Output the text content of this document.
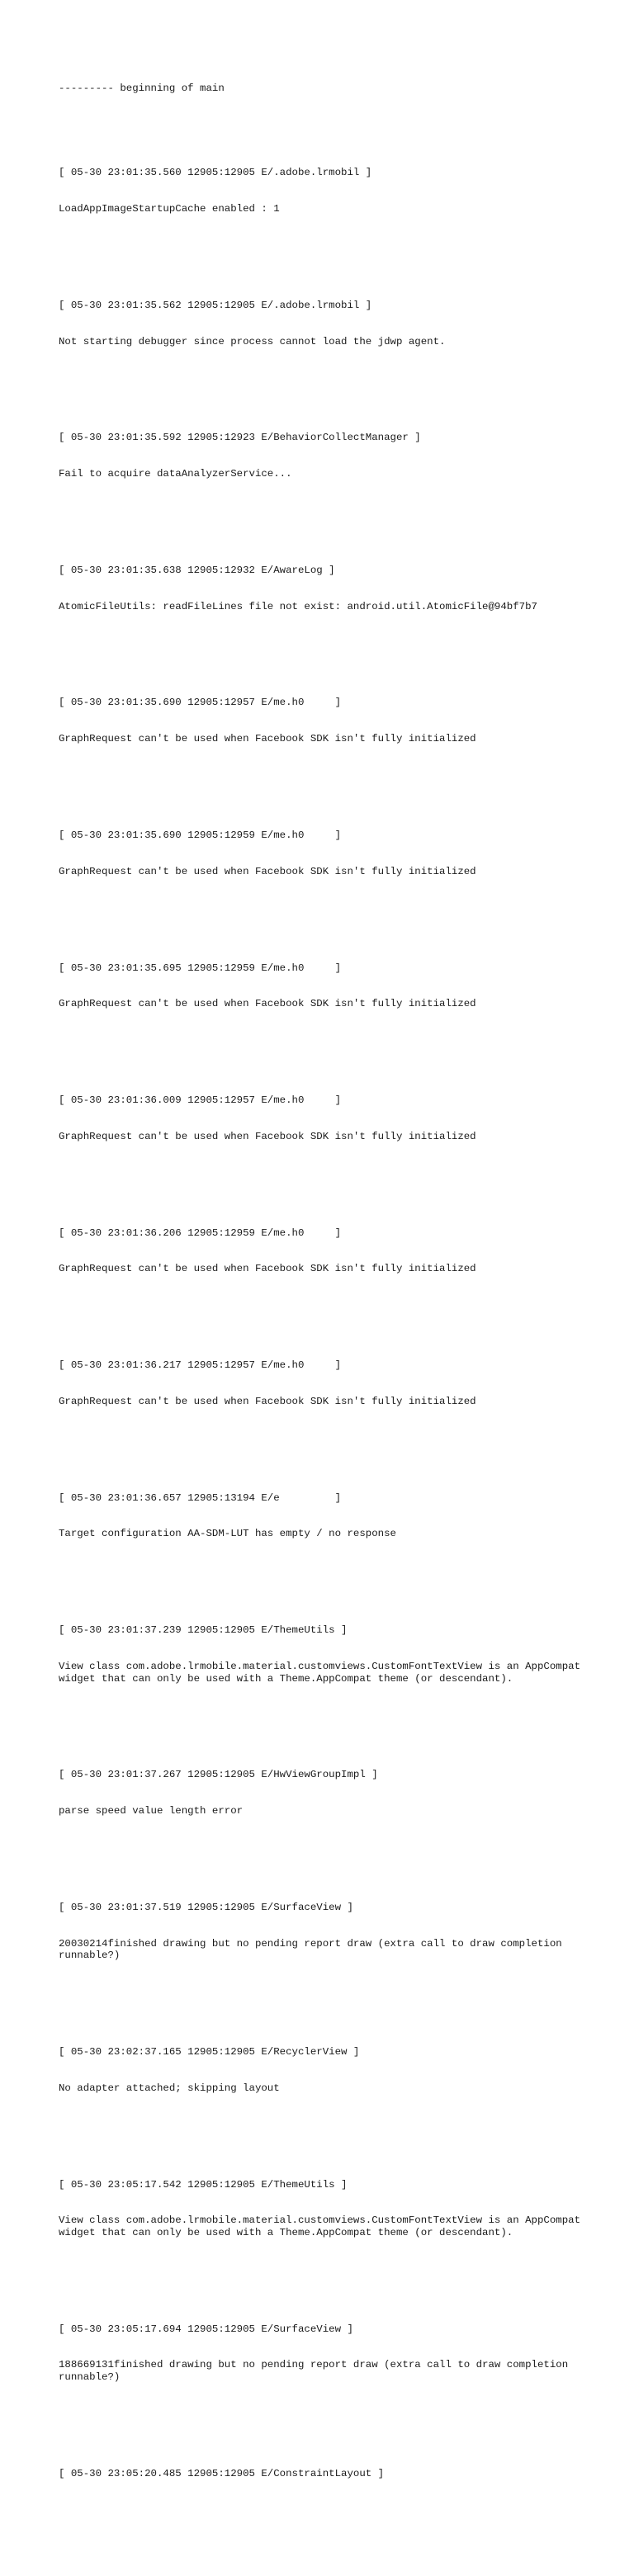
--------- beginning of main

[ 05-30 23:01:35.560 12905:12905 E/.adobe.lrmobil ]

LoadAppImageStartupCache enabled : 1

[ 05-30 23:01:35.562 12905:12905 E/.adobe.lrmobil ]

Not starting debugger since process cannot load the jdwp agent.

[ 05-30 23:01:35.592 12905:12923 E/BehaviorCollectManager ]

Fail to acquire dataAnalyzerService...

[ 05-30 23:01:35.638 12905:12932 E/AwareLog ]

AtomicFileUtils: readFileLines file not exist: android.util.AtomicFile@94bf7b7

[ 05-30 23:01:35.690 12905:12957 E/me.h0     ]

GraphRequest can't be used when Facebook SDK isn't fully initialized

[ 05-30 23:01:35.690 12905:12959 E/me.h0     ]

GraphRequest can't be used when Facebook SDK isn't fully initialized

[ 05-30 23:01:35.695 12905:12959 E/me.h0     ]

GraphRequest can't be used when Facebook SDK isn't fully initialized

[ 05-30 23:01:36.009 12905:12957 E/me.h0     ]

GraphRequest can't be used when Facebook SDK isn't fully initialized

[ 05-30 23:01:36.206 12905:12959 E/me.h0     ]

GraphRequest can't be used when Facebook SDK isn't fully initialized

[ 05-30 23:01:36.217 12905:12957 E/me.h0     ]

GraphRequest can't be used when Facebook SDK isn't fully initialized

[ 05-30 23:01:36.657 12905:13194 E/e         ]

Target configuration AA-SDM-LUT has empty / no response

[ 05-30 23:01:37.239 12905:12905 E/ThemeUtils ]

View class com.adobe.lrmobile.material.customviews.CustomFontTextView is an AppCompat widget that can only be used with a Theme.AppCompat theme (or descendant).

[ 05-30 23:01:37.267 12905:12905 E/HwViewGroupImpl ]

parse speed value length error

[ 05-30 23:01:37.519 12905:12905 E/SurfaceView ]

20030214finished drawing but no pending report draw (extra call to draw completion runnable?)

[ 05-30 23:02:37.165 12905:12905 E/RecyclerView ]

No adapter attached; skipping layout

[ 05-30 23:05:17.542 12905:12905 E/ThemeUtils ]

View class com.adobe.lrmobile.material.customviews.CustomFontTextView is an AppCompat widget that can only be used with a Theme.AppCompat theme (or descendant).

[ 05-30 23:05:17.694 12905:12905 E/SurfaceView ]

188669131finished drawing but no pending report draw (extra call to draw completion runnable?)

[ 05-30 23:05:20.485 12905:12905 E/ConstraintLayout ]
